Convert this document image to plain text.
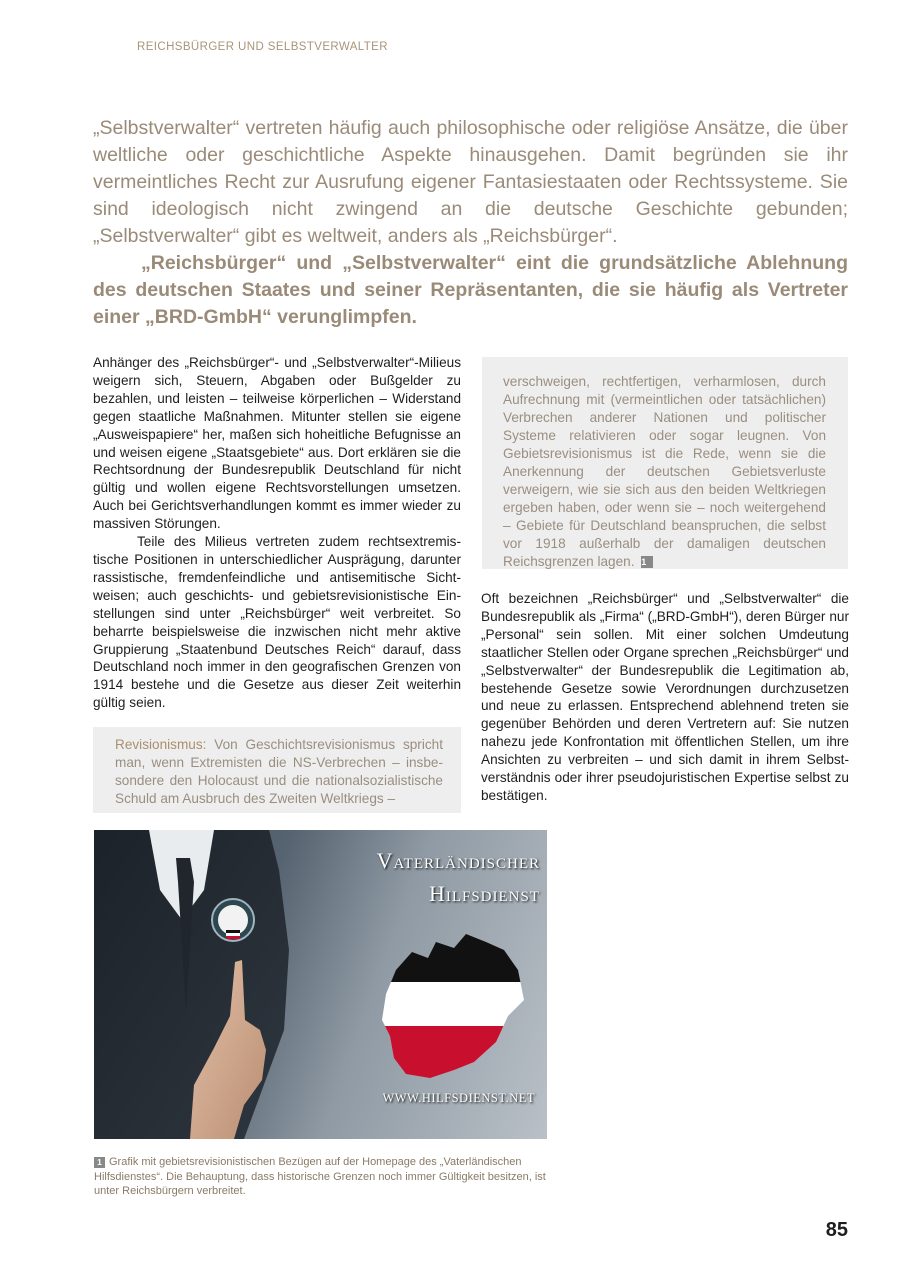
REICHSBÜRGER UND SELBSTVERWALTER

„Selbstverwalter“ vertreten häufig auch philosophische oder religiöse Ansätze, die über weltliche oder geschichtliche Aspekte hinausgehen. Damit begründen sie ihr vermeintliches Recht zur Ausrufung eigener Fantasiestaaten oder Rechtssysteme. Sie sind ideologisch nicht zwingend an die deutsche Geschichte gebunden; „Selbstverwalter“ gibt es weltweit, anders als „Reichsbürger“.

„Reichsbürger“ und „Selbstverwalter“ eint die grundsätzliche Ablehnung des deutschen Staates und seiner Repräsentanten, die sie häufig als Vertreter einer „BRD-GmbH“ verunglimpfen.

Anhänger des „Reichsbürger“- und „Selbstverwalter“-Milieus weigern sich, Steuern, Abgaben oder Bußgelder zu bezahlen, und leisten – teilweise körperlichen – Widerstand gegen staatliche Maßnahmen. Mitunter stellen sie eigene „Ausweispapiere“ her, maßen sich hoheitliche Befugnisse an und weisen eigene „Staatsgebiete“ aus. Dort erklären sie die Rechtsordnung der Bundesrepublik Deutschland für nicht gültig und wollen eigene Rechtsvorstellungen umsetzen. Auch bei Gerichtsverhandlungen kommt es immer wieder zu massiven Störungen.

Teile des Milieus vertreten zudem rechtsextremistische Positionen in unterschiedlicher Ausprägung, darunter rassistische, fremdenfeindliche und antisemitische Sichtweisen; auch geschichts- und gebietsrevisionistische Einstellungen sind unter „Reichsbürger“ weit verbreitet. So beharrte beispielsweise die inzwischen nicht mehr aktive Gruppierung „Staatenbund Deutsches Reich“ darauf, dass Deutschland noch immer in den geografischen Grenzen von 1914 bestehe und die Gesetze aus dieser Zeit weiterhin gültig seien.

Revisionismus: Von Geschichtsrevisionismus spricht man, wenn Extremisten die NS-Verbrechen – insbesondere den Holocaust und die nationalsozialistische Schuld am Ausbruch des Zweiten Weltkriegs –
verschweigen, rechtfertigen, verharmlosen, durch Aufrechnung mit (vermeintlichen oder tatsächlichen) Verbrechen anderer Nationen und politischer Systeme relativieren oder sogar leugnen. Von Gebietsrevisionismus ist die Rede, wenn sie die Anerkennung der deutschen Gebietsverluste verweigern, wie sie sich aus den beiden Weltkriegen ergeben haben, oder wenn sie – noch weitergehend – Gebiete für Deutschland beanspruchen, die selbst vor 1918 außerhalb der damaligen deutschen Reichsgrenzen lagen. 1

Oft bezeichnen „Reichsbürger“ und „Selbstverwalter“ die Bundesrepublik als „Firma“ („BRD-GmbH“), deren Bürger nur „Personal“ sein sollen. Mit einer solchen Umdeutung staatlicher Stellen oder Organe sprechen „Reichsbürger“ und „Selbstverwalter“ der Bundesrepublik die Legitimation ab, bestehende Gesetze sowie Verordnungen durchzusetzen und neue zu erlassen. Entsprechend ablehnend treten sie gegenüber Behörden und deren Vertretern auf: Sie nutzen nahezu jede Konfrontation mit öffentlichen Stellen, um ihre Ansichten zu verbreiten – und sich damit in ihrem Selbstverständnis oder ihrer pseudojuristischen Expertise selbst zu bestätigen.

Vaterländischer
Hilfsdienst
WWW.HILFSDIENST.NET
1 Grafik mit gebietsrevisionistischen Bezügen auf der Homepage des „Vaterländischen Hilfsdienstes“. Die Behauptung, dass historische Grenzen noch immer Gültigkeit besitzen, ist unter Reichsbürgern verbreitet.
85
